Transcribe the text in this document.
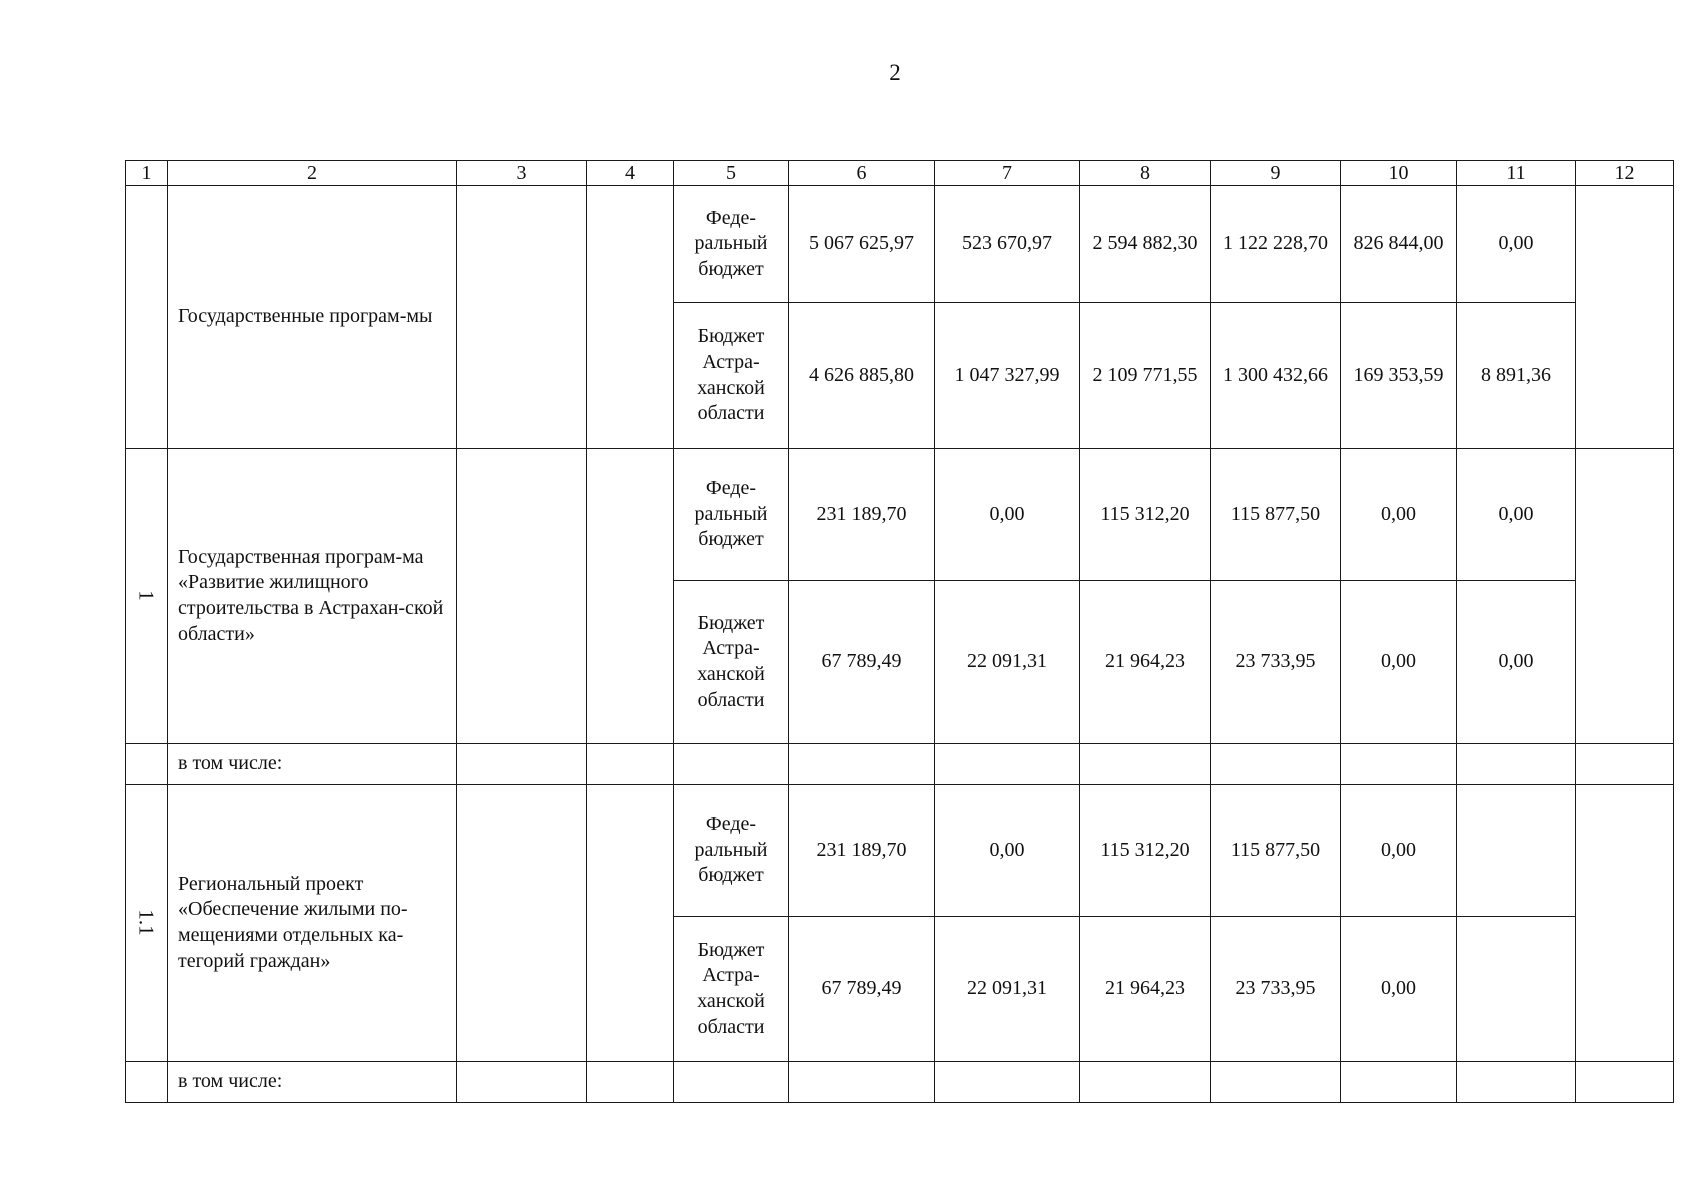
2
1	2	3	4	5	6	7	8	9	10	11	12
	Государственные програм-мы			Феде-ральный бюджет	5 067 625,97	523 670,97	2 594 882,30	1 122 228,70	826 844,00	0,00	
				Бюджет Астра-ханской области	4 626 885,80	1 047 327,99	2 109 771,55	1 300 432,66	169 353,59	8 891,36	
1	Государственная програм-ма «Развитие жилищного строительства в Астрахан-ской области»			Феде-ральный бюджет	231 189,70	0,00	115 312,20	115 877,50	0,00	0,00	
				Бюджет Астра-ханской области	67 789,49	22 091,31	21 964,23	23 733,95	0,00	0,00	
	в том числе:										
1.1	Региональный проект «Обеспечение жилыми по-мещениями отдельных ка-тегорий граждан»			Феде-ральный бюджет	231 189,70	0,00	115 312,20	115 877,50	0,00		
				Бюджет Астра-ханской области	67 789,49	22 091,31	21 964,23	23 733,95	0,00		
	в том числе:										
